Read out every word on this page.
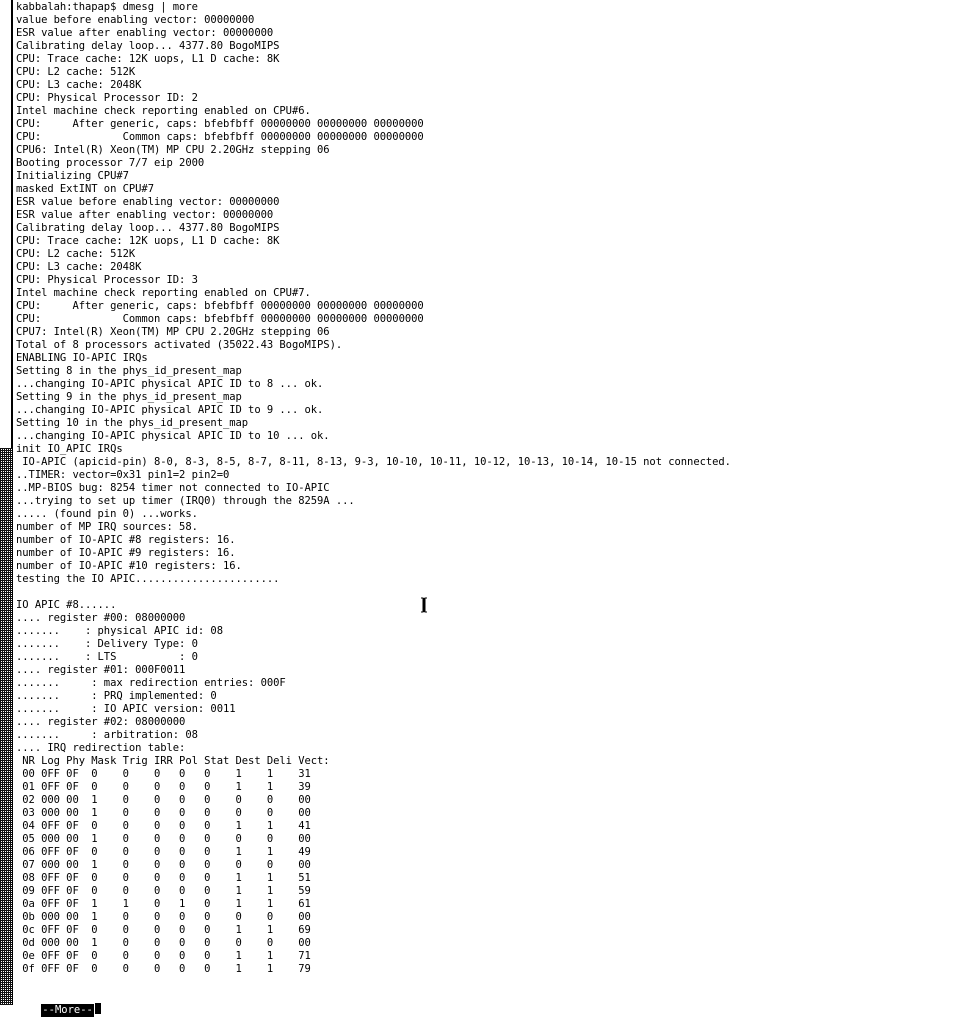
kabbalah:thapap$ dmesg | more
value before enabling vector: 00000000
ESR value after enabling vector: 00000000
Calibrating delay loop... 4377.80 BogoMIPS
CPU: Trace cache: 12K uops, L1 D cache: 8K
CPU: L2 cache: 512K
CPU: L3 cache: 2048K
CPU: Physical Processor ID: 2
Intel machine check reporting enabled on CPU#6.
CPU:     After generic, caps: bfebfbff 00000000 00000000 00000000
CPU:             Common caps: bfebfbff 00000000 00000000 00000000
CPU6: Intel(R) Xeon(TM) MP CPU 2.20GHz stepping 06
Booting processor 7/7 eip 2000
Initializing CPU#7
masked ExtINT on CPU#7
ESR value before enabling vector: 00000000
ESR value after enabling vector: 00000000
Calibrating delay loop... 4377.80 BogoMIPS
CPU: Trace cache: 12K uops, L1 D cache: 8K
CPU: L2 cache: 512K
CPU: L3 cache: 2048K
CPU: Physical Processor ID: 3
Intel machine check reporting enabled on CPU#7.
CPU:     After generic, caps: bfebfbff 00000000 00000000 00000000
CPU:             Common caps: bfebfbff 00000000 00000000 00000000
CPU7: Intel(R) Xeon(TM) MP CPU 2.20GHz stepping 06
Total of 8 processors activated (35022.43 BogoMIPS).
ENABLING IO-APIC IRQs
Setting 8 in the phys_id_present_map
...changing IO-APIC physical APIC ID to 8 ... ok.
Setting 9 in the phys_id_present_map
...changing IO-APIC physical APIC ID to 9 ... ok.
Setting 10 in the phys_id_present_map
...changing IO-APIC physical APIC ID to 10 ... ok.
init IO_APIC IRQs
IO-APIC (apicid-pin) 8-0, 8-3, 8-5, 8-7, 8-11, 8-13, 9-3, 10-10, 10-11, 10-12, 10-13, 10-14, 10-15 not connected.
..TIMER: vector=0x31 pin1=2 pin2=0
..MP-BIOS bug: 8254 timer not connected to IO-APIC
...trying to set up timer (IRQ0) through the 8259A ...
..... (found pin 0) ...works.
number of MP IRQ sources: 58.
number of IO-APIC #8 registers: 16.
number of IO-APIC #9 registers: 16.
number of IO-APIC #10 registers: 16.
testing the IO APIC.......................
IO APIC #8......
.... register #00: 08000000
.......    : physical APIC id: 08
.......    : Delivery Type: 0
.......    : LTS          : 0
.... register #01: 000F0011
.......     : max redirection entries: 000F
.......     : PRQ implemented: 0
.......     : IO APIC version: 0011
.... register #02: 08000000
.......     : arbitration: 08
.... IRQ redirection table:
NR Log Phy Mask Trig IRR Pol Stat Dest Deli Vect:
00 0FF 0F  0    0    0   0   0    1    1    31
01 0FF 0F  0    0    0   0   0    1    1    39
02 000 00  1    0    0   0   0    0    0    00
03 000 00  1    0    0   0   0    0    0    00
04 0FF 0F  0    0    0   0   0    1    1    41
05 000 00  1    0    0   0   0    0    0    00
06 0FF 0F  0    0    0   0   0    1    1    49
07 000 00  1    0    0   0   0    0    0    00
08 0FF 0F  0    0    0   0   0    1    1    51
09 0FF 0F  0    0    0   0   0    1    1    59
0a 0FF 0F  1    1    0   1   0    1    1    61
0b 000 00  1    0    0   0   0    0    0    00
0c 0FF 0F  0    0    0   0   0    1    1    69
0d 000 00  1    0    0   0   0    0    0    00
0e 0FF 0F  0    0    0   0   0    1    1    71
0f 0FF 0F  0    0    0   0   0    1    1    79

--More--
